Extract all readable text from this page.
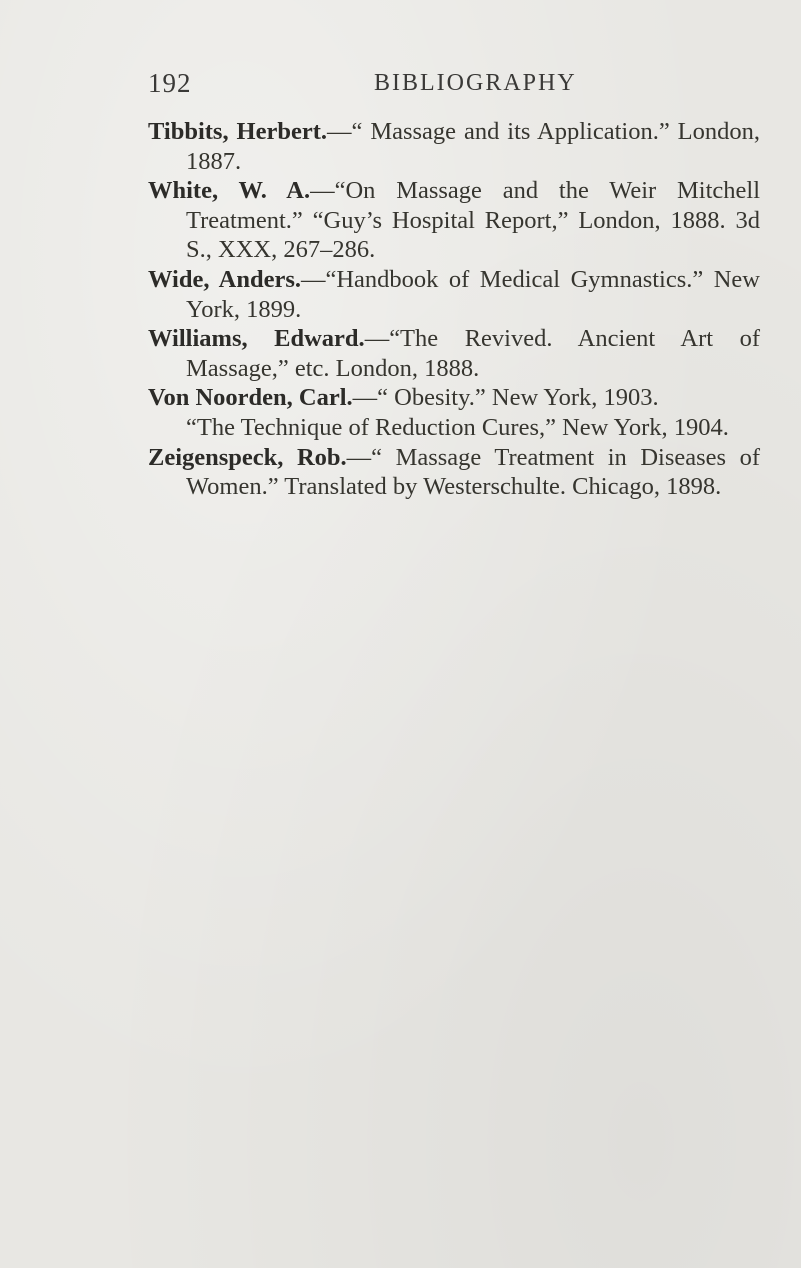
192	BIBLIOGRAPHY

Tibbits, Herbert.—“ Massage and its Application.” London, 1887.

White, W. A.—“On Massage and the Weir Mitchell Treatment.” “Guy’s Hospital Report,” London, 1888. 3d S., XXX, 267–286.

Wide, Anders.—“Handbook of Medical Gymnastics.” New York, 1899.

Williams, Edward.—“The Revived. Ancient Art of Massage,” etc. London, 1888.

Von Noorden, Carl.—“ Obesity.” New York, 1903.
“The Technique of Reduction Cures,” New York, 1904.

Zeigenspeck, Rob.—“ Massage Treatment in Diseases of Women.” Translated by Westerschulte. Chicago, 1898.
